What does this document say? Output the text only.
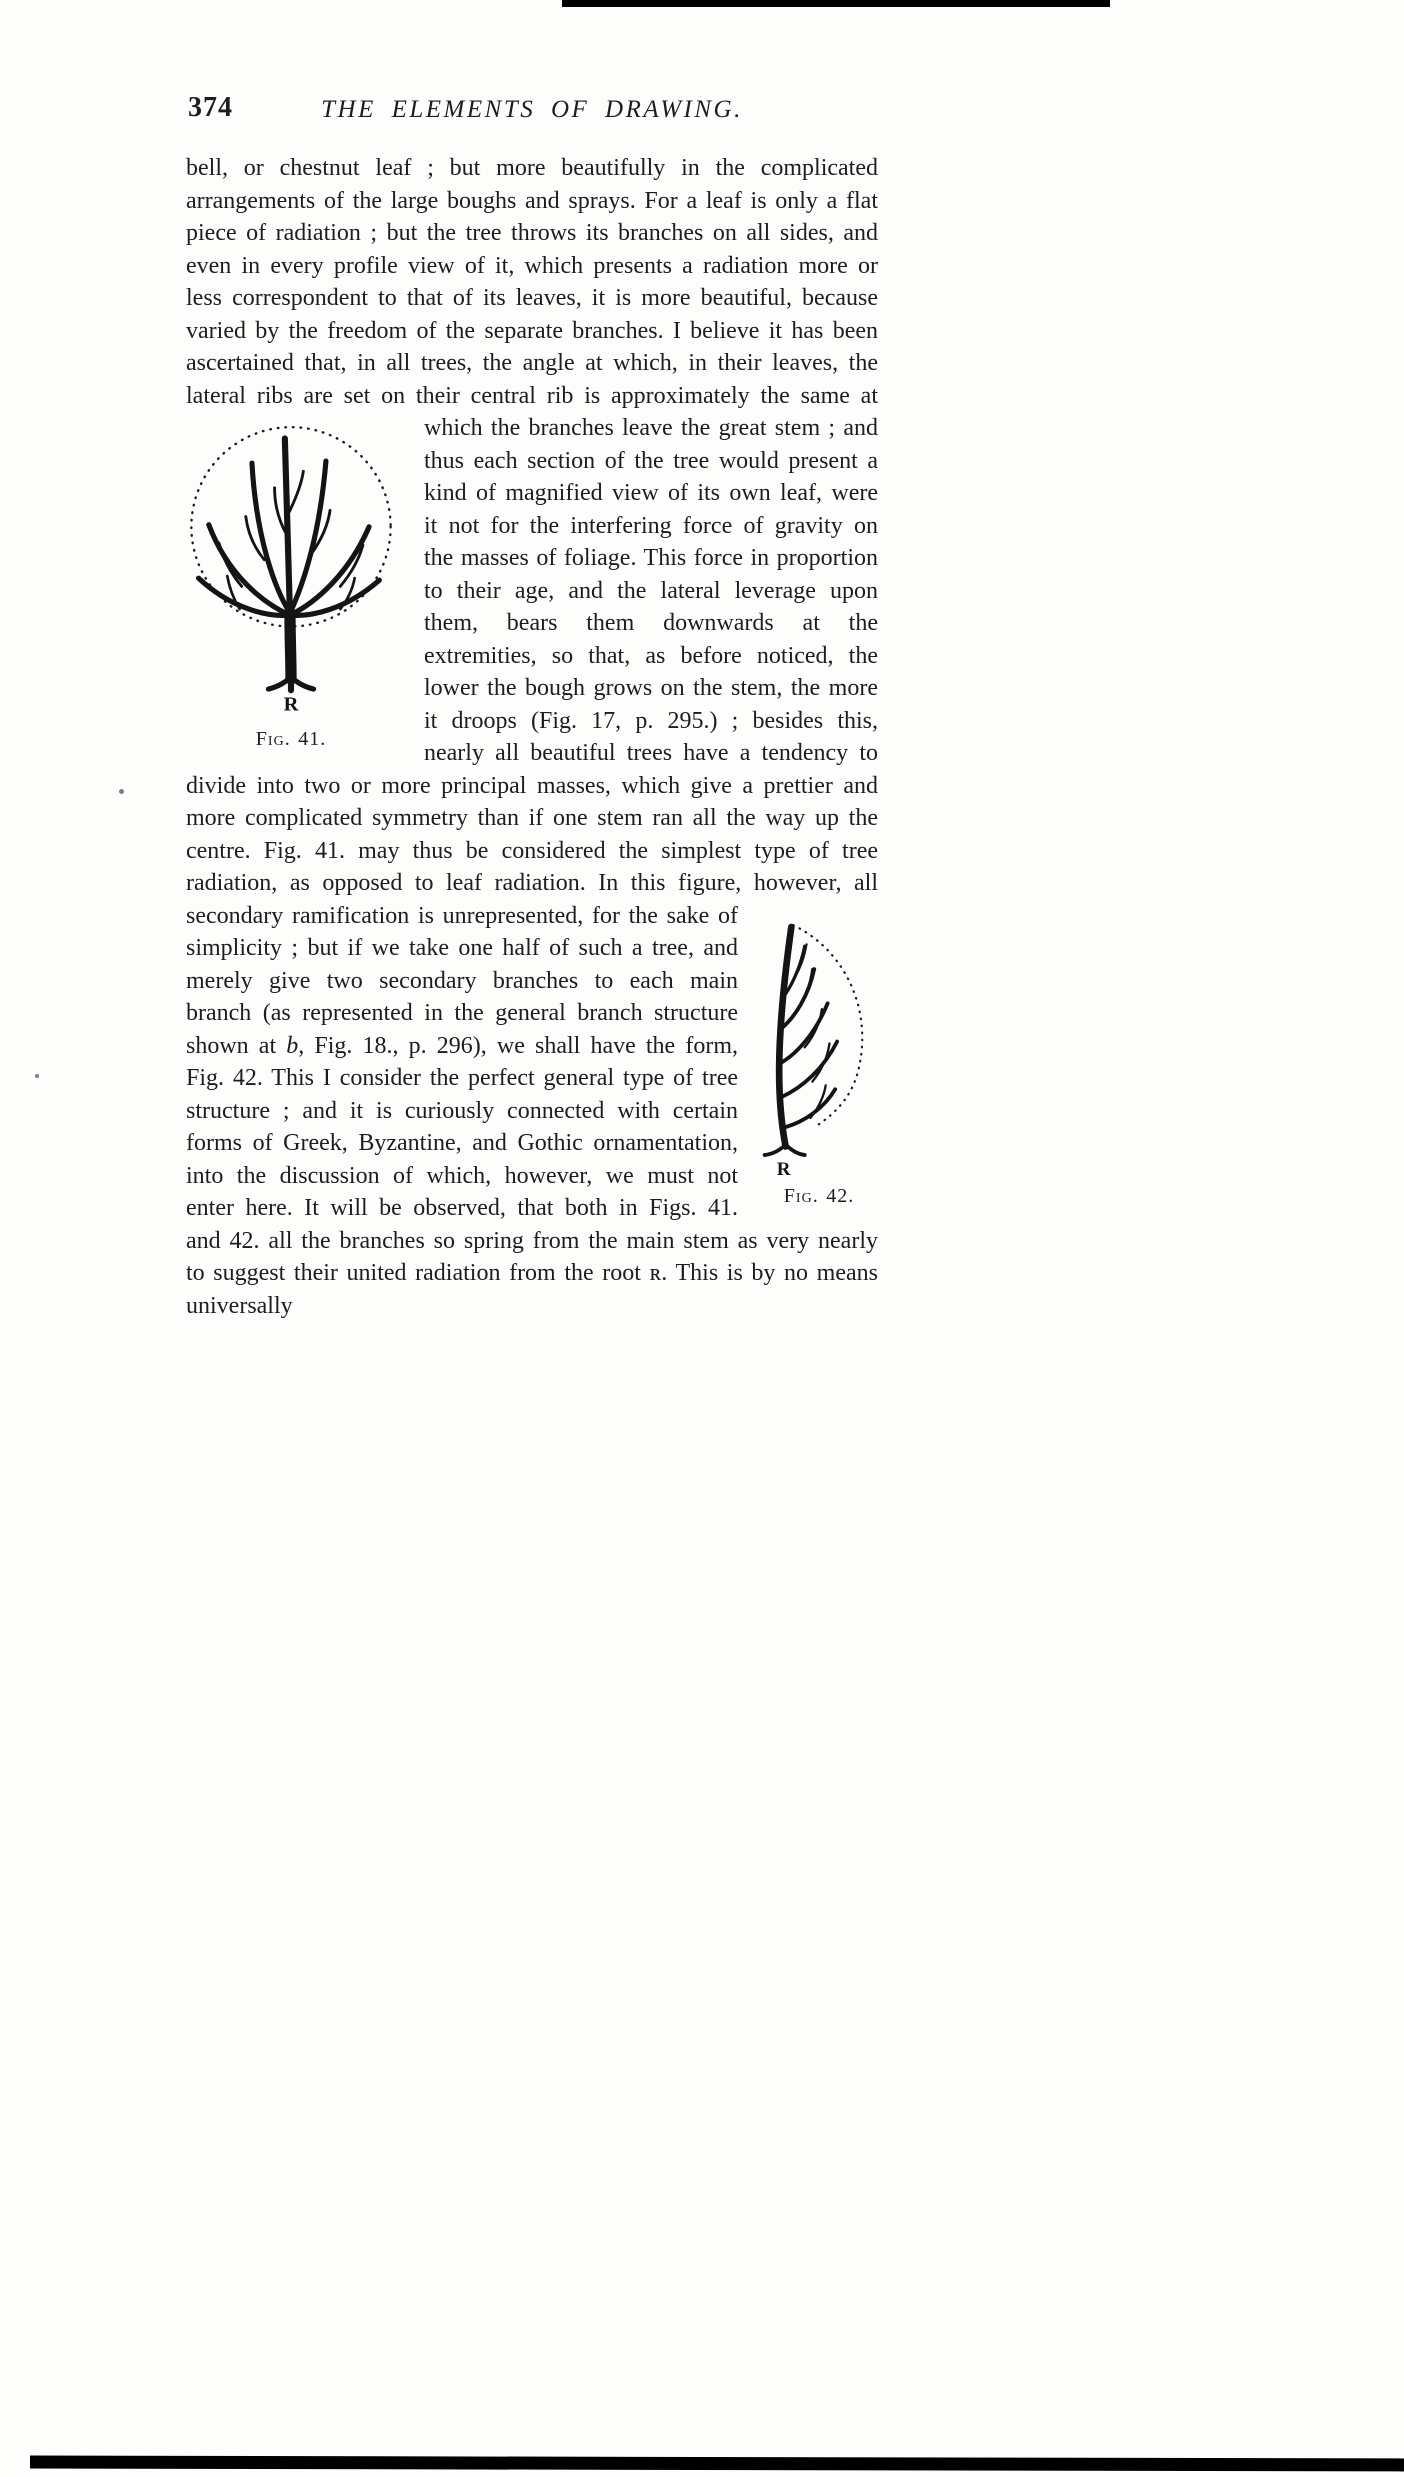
374	THE ELEMENTS OF DRAWING.
bell, or chestnut leaf ; but more beautifully in the complicated arrangements of the large boughs and sprays. For a leaf is only a flat piece of radiation ; but the tree throws its branches on all sides, and even in every profile view of it, which presents a radiation more or less correspondent to that of its leaves, it is more beautiful, because varied by the freedom of the separate branches. I believe it has been ascertained that, in all trees, the angle at which, in their leaves, the lateral ribs are set on their central rib is approximately
R
Fig. 41.
the same at which the branches leave the great stem ; and thus each section of the tree would present a kind of magnified view of its own leaf, were it not for the interfering force of gravity on the masses of foliage. This force in proportion to their age, and the lateral leverage upon them, bears them downwards at the extremities, so that, as before noticed, the lower the bough grows on the stem, the more it droops (Fig. 17, p. 295.) ; besides this, nearly all beautiful trees have a tendency to divide into two or more principal masses, which give a prettier and more complicated symmetry than if one stem ran all the way up the centre. Fig. 41. may thus be considered the simplest type of tree radiation, as opposed to leaf radiation. In this figure, however, all secondary ramification is unrepresented, for
R
Fig. 42.
the sake of simplicity ; but if we take one half of such a tree, and merely give two secondary branches to each main branch (as represented in the general branch structure shown at b, Fig. 18., p. 296), we shall have the form, Fig. 42. This I consider the perfect general type of tree structure ; and it is curiously connected with certain forms of Greek, Byzantine, and Gothic ornamentation, into the discussion of which, however, we must not enter here. It will be observed, that both in Figs. 41. and 42. all the branches so spring from the main stem as very nearly to suggest their united radiation from the root ʀ. This is by no means universally
